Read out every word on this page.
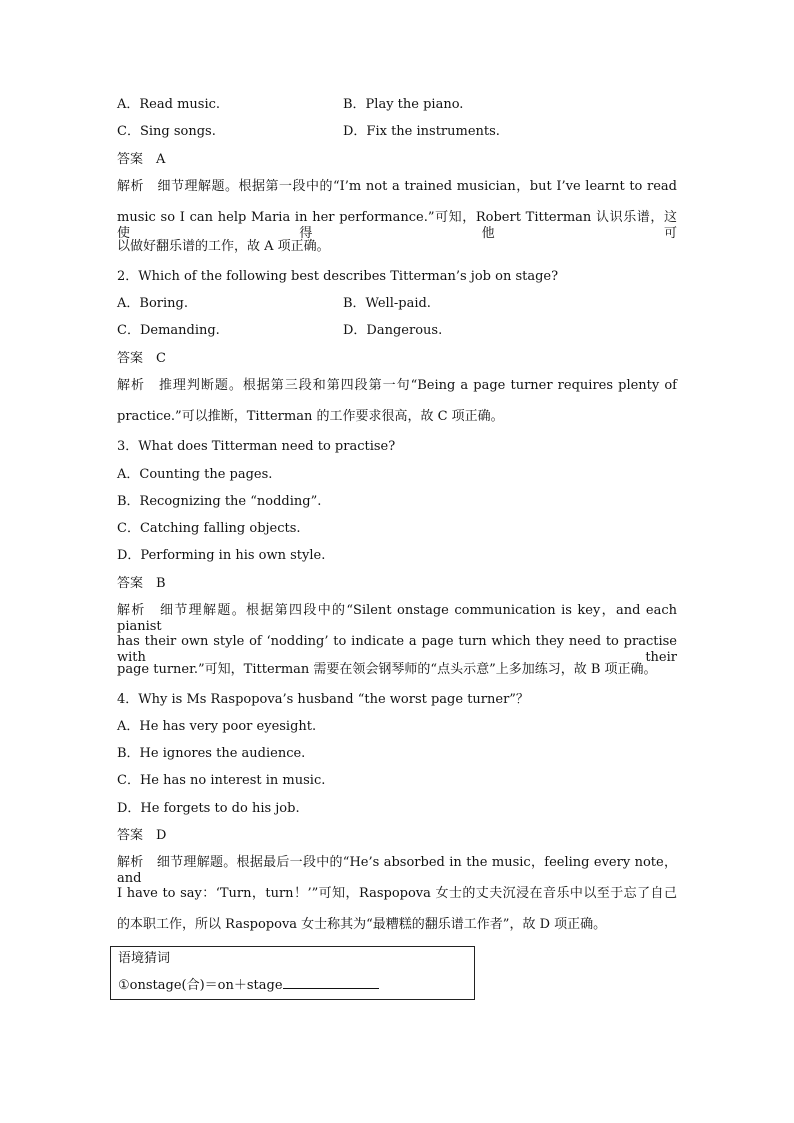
A．Read music.	B．Play the piano.
C．Sing songs.	D．Fix the instruments.
答案　A
解析　细节理解题。根据第一段中的“I’m not a trained musician，but I’ve learnt to read
music so I can help Maria in her performance.”可知，Robert Titterman 认识乐谱，这使得他可
以做好翻乐谱的工作，故 A 项正确。
2．Which of the following best describes Titterman’s job on stage?
A．Boring.	B．Well-paid.
C．Demanding.	D．Dangerous.
答案　C
解析　推理判断题。根据第三段和第四段第一句“Being a page turner requires plenty of
practice.”可以推断，Titterman 的工作要求很高，故 C 项正确。
3．What does Titterman need to practise?
A．Counting the pages.
B．Recognizing the “nodding”.
C．Catching falling objects.
D．Performing in his own style.
答案　B
解析　细节理解题。根据第四段中的“Silent onstage communication is key，and each pianist
has their own style of ‘nodding’ to indicate a page turn which they need to practise with their
page turner.”可知，Titterman 需要在领会钢琴师的“点头示意”上多加练习，故 B 项正确。
4．Why is Ms Raspopova’s husband “the worst page turner”？
A．He has very poor eyesight.
B．He ignores the audience.
C．He has no interest in music.
D．He forgets to do his job.
答案　D
解析　细节理解题。根据最后一段中的“He’s absorbed in the music，feeling every note，and
I have to say：‘Turn，turn！’”可知，Raspopova 女士的丈夫沉浸在音乐中以至于忘了自己
的本职工作，所以 Raspopova 女士称其为“最糟糕的翻乐谱工作者”，故 D 项正确。
语境猜词
①onstage(合)＝on＋stage
